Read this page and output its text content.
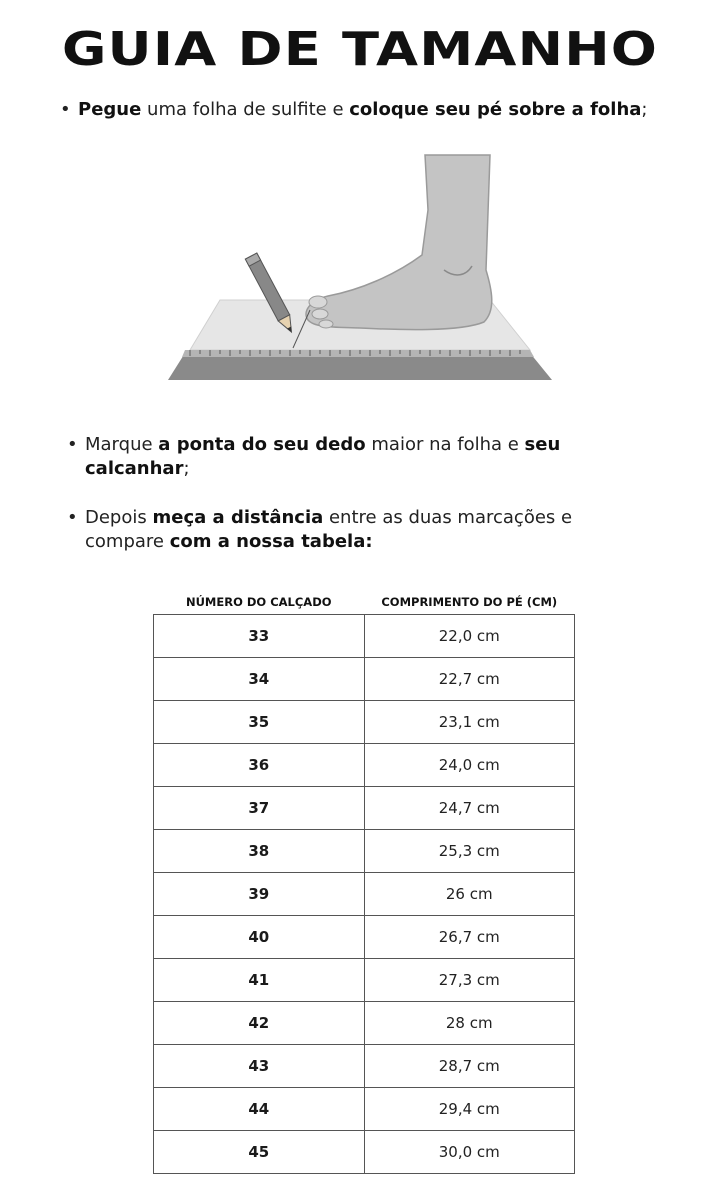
GUIA DE TAMANHO
• Pegue uma folha de sulfite e coloque seu pé sobre a folha;
• Marque a ponta do seu dedo maior na folha e seu calcanhar;
• Depois meça a distância entre as duas marcações e compare com a nossa tabela:
NÚMERO DO CALÇADO	COMPRIMENTO DO PÉ (CM)
33	22,0 cm
34	22,7 cm
35	23,1 cm
36	24,0 cm
37	24,7 cm
38	25,3 cm
39	26 cm
40	26,7 cm
41	27,3 cm
42	28 cm
43	28,7 cm
44	29,4 cm
45	30,0 cm
